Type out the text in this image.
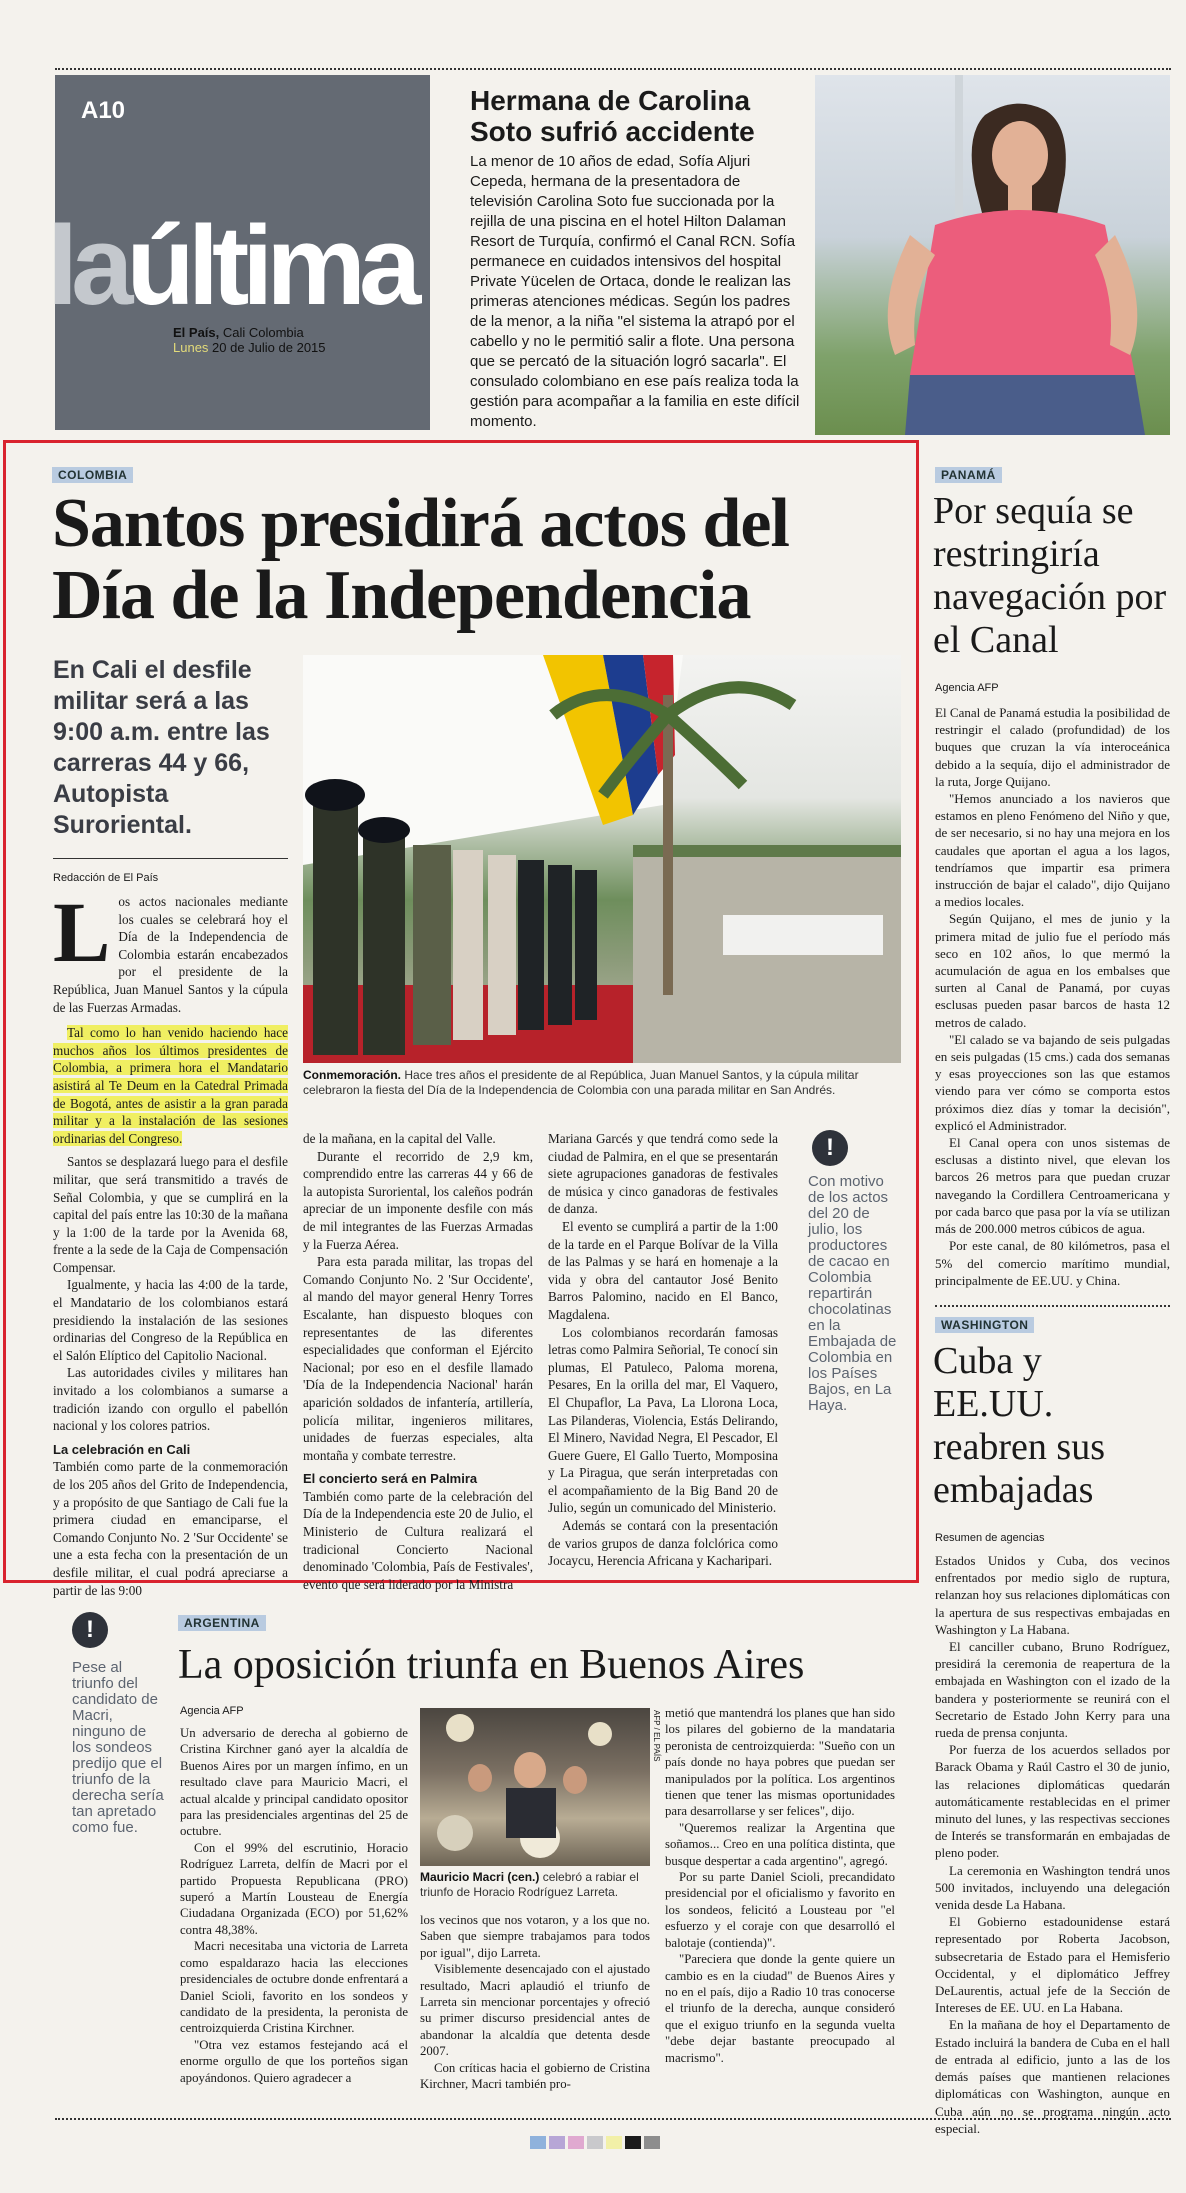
A10
laúltima
El País, Cali Colombia
Lunes 20 de Julio de 2015
Hermana de Carolina Soto sufrió accidente

La menor de 10 años de edad, Sofía Aljuri Cepeda, hermana de la presentadora de televisión Carolina Soto fue succionada por la rejilla de una piscina en el hotel Hilton Dalaman Resort de Turquía, confirmó el Canal RCN. Sofía permanece en cuidados intensivos del hospital Private Yücelen de Ortaca, donde le realizan las primeras atenciones médicas. Según los padres de la menor, a la niña "el sistema la atrapó por el cabello y no le permitió salir a flote. Una persona que se percató de la situación logró sacarla". El consulado colombiano en ese país realiza toda la gestión para acompañar a la familia en este difícil momento.

COLOMBIA
Santos presidirá actos del
Día de la Independencia
En Cali el desfile militar será a las 9:00 a.m. entre las carreras 44 y 66, Autopista Suroriental.
Redacción de El País
L os actos nacionales mediante los cuales se celebrará hoy el Día de la Independencia de Colombia estarán encabezados por el presidente de la República, Juan Manuel Santos y la cúpula de las Fuerzas Armadas.

Tal como lo han venido haciendo hace muchos años los últimos presidentes de Colombia, a primera hora el Mandatario asistirá al Te Deum en la Catedral Primada de Bogotá, antes de asistir a la gran parada militar y a la instalación de las sesiones ordinarias del Congreso.

Santos se desplazará luego para el desfile militar, que será transmitido a través de Señal Colombia, y que se cumplirá en la capital del país entre las 10:30 de la mañana y la 1:00 de la tarde por la Avenida 68, frente a la sede de la Caja de Compensación Compensar.

Igualmente, y hacia las 4:00 de la tarde, el Mandatario de los colombianos estará presidiendo la instalación de las sesiones ordinarias del Congreso de la República en el Salón Elíptico del Capitolio Nacional.

Las autoridades civiles y militares han invitado a los colombianos a sumarse a tradición izando con orgullo el pabellón nacional y los colores patrios.

La celebración en Cali

También como parte de la conmemoración de los 205 años del Grito de Independencia, y a propósito de que Santiago de Cali fue la primera ciudad en emanciparse, el Comando Conjunto No. 2 'Sur Occidente' se une a esta fecha con la presentación de un desfile militar, el cual podrá apreciarse a partir de las 9:00

Conmemoración. Hace tres años el presidente de al República, Juan Manuel Santos, y la cúpula militar celebraron la fiesta del Día de la Independencia de Colombia con una parada militar en San Andrés.

de la mañana, en la capital del Valle.

Durante el recorrido de 2,9 km, comprendido entre las carreras 44 y 66 de la autopista Suroriental, los caleños podrán apreciar de un imponente desfile con más de mil integrantes de las Fuerzas Armadas y la Fuerza Aérea.

Para esta parada militar, las tropas del Comando Conjunto No. 2 'Sur Occidente', al mando del mayor general Henry Torres Escalante, han dispuesto bloques con representantes de las diferentes especialidades que conforman el Ejército Nacional; por eso en el desfile llamado 'Día de la Independencia Nacional' harán aparición soldados de infantería, artillería, policía militar, ingenieros militares, unidades de fuerzas especiales, alta montaña y combate terrestre.

El concierto será en Palmira

También como parte de la celebración del Día de la Independencia este 20 de Julio, el Ministerio de Cultura realizará el tradicional Concierto Nacional denominado 'Colombia, País de Festivales', evento que será liderado por la Ministra

Mariana Garcés y que tendrá como sede la ciudad de Palmira, en el que se presentarán siete agrupaciones ganadoras de festivales de música y cinco ganadoras de festivales de danza.

El evento se cumplirá a partir de la 1:00 de la tarde en el Parque Bolívar de la Villa de las Palmas y se hará en homenaje a la vida y obra del cantautor José Benito Barros Palomino, nacido en El Banco, Magdalena.

Los colombianos recordarán famosas letras como Palmira Señorial, Te conocí sin plumas, El Patuleco, Paloma morena, Pesares, En la orilla del mar, El Vaquero, El Chupaflor, La Pava, La Llorona Loca, Las Pilanderas, Violencia, Estás Delirando, El Minero, Navidad Negra, El Pescador, El Guere Guere, El Gallo Tuerto, Momposina y La Piragua, que serán interpretadas con el acompañamiento de la Big Band 20 de Julio, según un comunicado del Ministerio.

Además se contará con la presentación de varios grupos de danza folclórica como Jocaycu, Herencia Africana y Kacharipari.

!
Con motivo de los actos del 20 de julio, los productores de cacao en Colombia repartirán chocolatinas en la Embajada de Colombia en los Países Bajos, en La Haya.
PANAMÁ
Por sequía se restringiría navegación por el Canal
Agencia AFP

El Canal de Panamá estudia la posibilidad de restringir el calado (profundidad) de los buques que cruzan la vía interoceánica debido a la sequía, dijo el administrador de la ruta, Jorge Quijano.

"Hemos anunciado a los navieros que estamos en pleno Fenómeno del Niño y que, de ser necesario, si no hay una mejora en los caudales que aportan el agua a los lagos, tendríamos que impartir esa primera instrucción de bajar el calado", dijo Quijano a medios locales.

Según Quijano, el mes de junio y la primera mitad de julio fue el período más seco en 102 años, lo que mermó la acumulación de agua en los embalses que surten al Canal de Panamá, por cuyas esclusas pueden pasar barcos de hasta 12 metros de calado.

"El calado se va bajando de seis pulgadas en seis pulgadas (15 cms.) cada dos semanas y esas proyecciones son las que estamos viendo para ver cómo se comporta estos próximos diez días y tomar la decisión", explicó el Administrador.

El Canal opera con unos sistemas de esclusas a distinto nivel, que elevan los barcos 26 metros para que puedan cruzar navegando la Cordillera Centroamericana y por cada barco que pasa por la vía se utilizan más de 200.000 metros cúbicos de agua.

Por este canal, de 80 kilómetros, pasa el 5% del comercio marítimo mundial, principalmente de EE.UU. y China.

WASHINGTON
Cuba y EE.UU. reabren sus embajadas
Resumen de agencias

Estados Unidos y Cuba, dos vecinos enfrentados por medio siglo de ruptura, relanzan hoy sus relaciones diplomáticas con la apertura de sus respectivas embajadas en Washington y La Habana.

El canciller cubano, Bruno Rodríguez, presidirá la ceremonia de reapertura de la embajada en Washington con el izado de la bandera y posteriormente se reunirá con el Secretario de Estado John Kerry para una rueda de prensa conjunta.

Por fuerza de los acuerdos sellados por Barack Obama y Raúl Castro el 30 de junio, las relaciones diplomáticas quedarán automáticamente restablecidas en el primer minuto del lunes, y las respectivas secciones de Interés se transformarán en embajadas de pleno poder.

La ceremonia en Washington tendrá unos 500 invitados, incluyendo una delegación venida desde La Habana.

El Gobierno estadounidense estará representado por Roberta Jacobson, subsecretaria de Estado para el Hemisferio Occidental, y el diplomático Jeffrey DeLaurentis, actual jefe de la Sección de Intereses de EE. UU. en La Habana.

En la mañana de hoy el Departamento de Estado incluirá la bandera de Cuba en el hall de entrada al edificio, junto a las de los demás países que mantienen relaciones diplomáticas con Washington, aunque en Cuba aún no se programa ningún acto especial.

!
Pese al triunfo del candidato de Macri, ninguno de los sondeos predijo que el triunfo de la derecha sería tan apretado como fue.
ARGENTINA
La oposición triunfa en Buenos Aires
Agencia AFP

Un adversario de derecha al gobierno de Cristina Kirchner ganó ayer la alcaldía de Buenos Aires por un margen ínfimo, en un resultado clave para Mauricio Macri, el actual alcalde y principal candidato opositor para las presidenciales argentinas del 25 de octubre.

Con el 99% del escrutinio, Horacio Rodríguez Larreta, delfín de Macri por el partido Propuesta Republicana (PRO) superó a Martín Lousteau de Energía Ciudadana Organizada (ECO) por 51,62% contra 48,38%.

Macri necesitaba una victoria de Larreta como espaldarazo hacia las elecciones presidenciales de octubre donde enfrentará a Daniel Scioli, favorito en los sondeos y candidato de la presidenta, la peronista de centroizquierda Cristina Kirchner.

"Otra vez estamos festejando acá el enorme orgullo de que los porteños sigan apoyándonos. Quiero agradecer a

AFP / EL PAÍS
Mauricio Macri (cen.) celebró a rabiar el triunfo de Horacio Rodríguez Larreta.

los vecinos que nos votaron, y a los que no. Saben que siempre trabajamos para todos por igual", dijo Larreta.

Visiblemente desencajado con el ajustado resultado, Macri aplaudió el triunfo de Larreta sin mencionar porcentajes y ofreció su primer discurso presidencial antes de abandonar la alcaldía que detenta desde 2007.

Con críticas hacia el gobierno de Cristina Kirchner, Macri también pro-

metió que mantendrá los planes que han sido los pilares del gobierno de la mandataria peronista de centroizquierda: "Sueño con un país donde no haya pobres que puedan ser manipulados por la política. Los argentinos tienen que tener las mismas oportunidades para desarrollarse y ser felices", dijo.

"Queremos realizar la Argentina que soñamos... Creo en una política distinta, que busque despertar a cada argentino", agregó.

Por su parte Daniel Scioli, precandidato presidencial por el oficialismo y favorito en los sondeos, felicitó a Lousteau por "el esfuerzo y el coraje con que desarrolló el balotaje (contienda)".

"Pareciera que donde la gente quiere un cambio es en la ciudad" de Buenos Aires y no en el país, dijo a Radio 10 tras conocerse el triunfo de la derecha, aunque consideró que el exiguo triunfo en la segunda vuelta "debe dejar bastante preocupado al macrismo".
